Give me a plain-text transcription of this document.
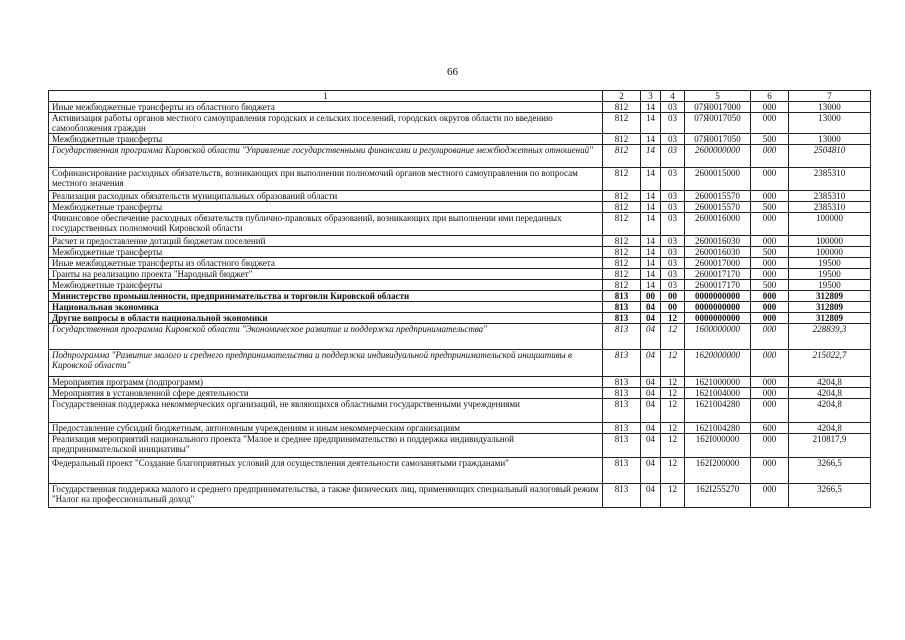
66
1	2	3	4	5	6	7
Иные межбюджетные трансферты из областного бюджета	812	14	03	07Я0017000	000	13000
Активизация работы органов местного самоуправления городских и сельских поселений, городских округов области по введению самообложения граждан	812	14	03	07Я0017050	000	13000
Межбюджетные трансферты	812	14	03	07Я0017050	500	13000
Государственная программа Кировской области "Управление государственными финансами и регулирование межбюджетных отношений"	812	14	03	2600000000	000	2504810
Софинансирование расходных обязательств, возникающих при выполнении полномочий органов местного самоуправления по вопросам местного значения	812	14	03	2600015000	000	2385310
Реализация расходных обязательств муниципальных образований области	812	14	03	2600015570	000	2385310
Межбюджетные трансферты	812	14	03	2600015570	500	2385310
Финансовое обеспечение расходных обязательств публично-правовых образований, возникающих при выполнении ими переданных государственных полномочий Кировской области	812	14	03	2600016000	000	100000
Расчет и предоставление дотаций бюджетам поселений	812	14	03	2600016030	000	100000
Межбюджетные трансферты	812	14	03	2600016030	500	100000
Иные межбюджетные трансферты из областного бюджета	812	14	03	2600017000	000	19500
Гранты на реализацию проекта "Народный бюджет"	812	14	03	2600017170	000	19500
Межбюджетные трансферты	812	14	03	2600017170	500	19500
Министерство промышленности, предпринимательства и торговли Кировской области	813	00	00	0000000000	000	312809
Национальная экономика	813	04	00	0000000000	000	312809
Другие вопросы в области национальной экономики	813	04	12	0000000000	000	312809
Государственная программа Кировской области "Экономическое развитие и поддержка предпринимательства"	813	04	12	1600000000	000	228839,3
Подпрограмма "Развитие малого и среднего предпринимательства и поддержка индивидуальной предпринимательской инициативы в Кировской области"	813	04	12	1620000000	000	215022,7
Мероприятия программ (подпрограмм)	813	04	12	1621000000	000	4204,8
Мероприятия в установленной сфере деятельности	813	04	12	1621004000	000	4204,8
Государственная поддержка некоммерческих организаций, не являющихся областными государственными учреждениями	813	04	12	1621004280	000	4204,8
Предоставление субсидий бюджетным, автономным учреждениям и иным некоммерческим организациям	813	04	12	1621004280	600	4204,8
Реализация мероприятий национального проекта "Малое и среднее предпринимательство и поддержка индивидуальной предпринимательской инициативы"	813	04	12	162I000000	000	210817,9
Федеральный проект "Создание благоприятных условий для осуществления деятельности самозанятыми гражданами"	813	04	12	162I200000	000	3266,5
Государственная поддержка малого и среднего предпринимательства, а также физических лиц, применяющих специальный налоговый режим "Налог на профессиональный доход"	813	04	12	162I255270	000	3266,5
